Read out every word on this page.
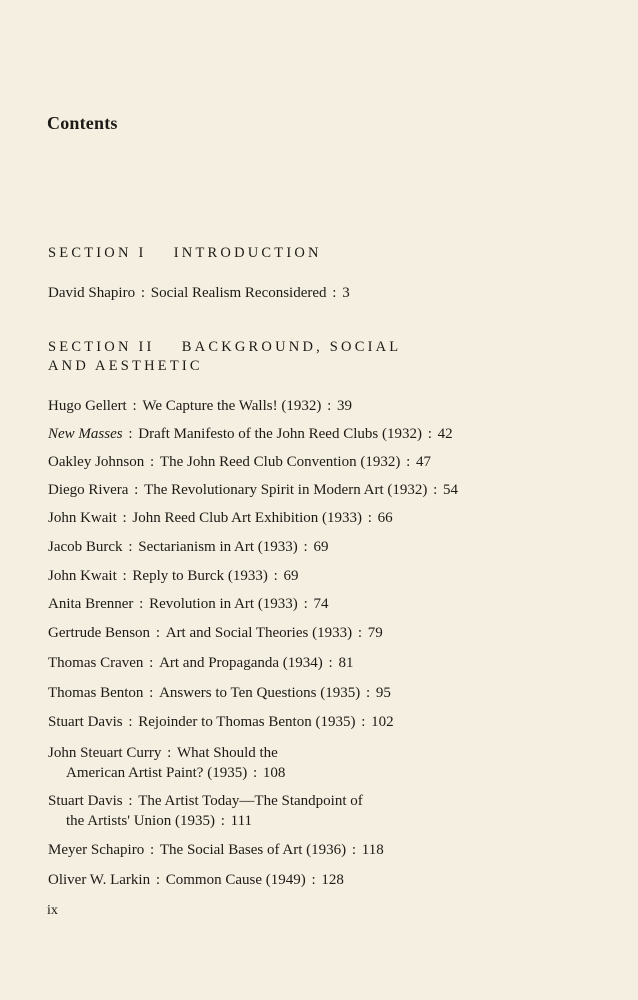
Contents
SECTION I    INTRODUCTION
David Shapiro : Social Realism Reconsidered : 3
SECTION II    BACKGROUND, SOCIAL
AND AESTHETIC
Hugo Gellert : We Capture the Walls! (1932) : 39
New Masses : Draft Manifesto of the John Reed Clubs (1932) : 42
Oakley Johnson : The John Reed Club Convention (1932) : 47
Diego Rivera : The Revolutionary Spirit in Modern Art (1932) : 54
John Kwait : John Reed Club Art Exhibition (1933) : 66
Jacob Burck : Sectarianism in Art (1933) : 69
John Kwait : Reply to Burck (1933) : 69
Anita Brenner : Revolution in Art (1933) : 74
Gertrude Benson : Art and Social Theories (1933) : 79
Thomas Craven : Art and Propaganda (1934) : 81
Thomas Benton : Answers to Ten Questions (1935) : 95
Stuart Davis : Rejoinder to Thomas Benton (1935) : 102
John Steuart Curry : What Should the
American Artist Paint? (1935) : 108
Stuart Davis : The Artist Today—The Standpoint of
the Artists' Union (1935) : 111
Meyer Schapiro : The Social Bases of Art (1936) : 118
Oliver W. Larkin : Common Cause (1949) : 128
ix
